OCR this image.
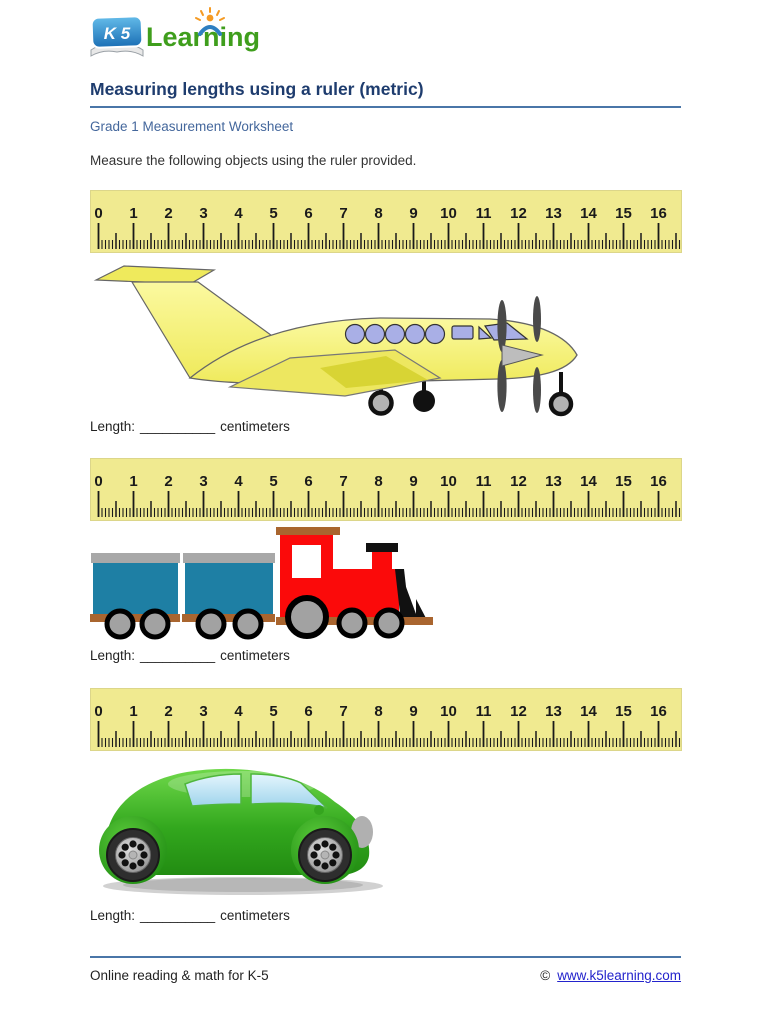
K 5 Learning
Measuring lengths using a ruler (metric)
Grade 1 Measurement Worksheet
Measure the following objects using the ruler provided.
0 1 2 3 4 5 6 7 8 9 10 11 12 13 14 15 16
0 1 2 3 4 5 6 7 8 9 10 11 12 13 14 15 16
0 1 2 3 4 5 6 7 8 9 10 11 12 13 14 15 16
Length: __________ centimeters
Length: __________ centimeters
Length: __________ centimeters
Online reading & math for K-5	© www.k5learning.com
